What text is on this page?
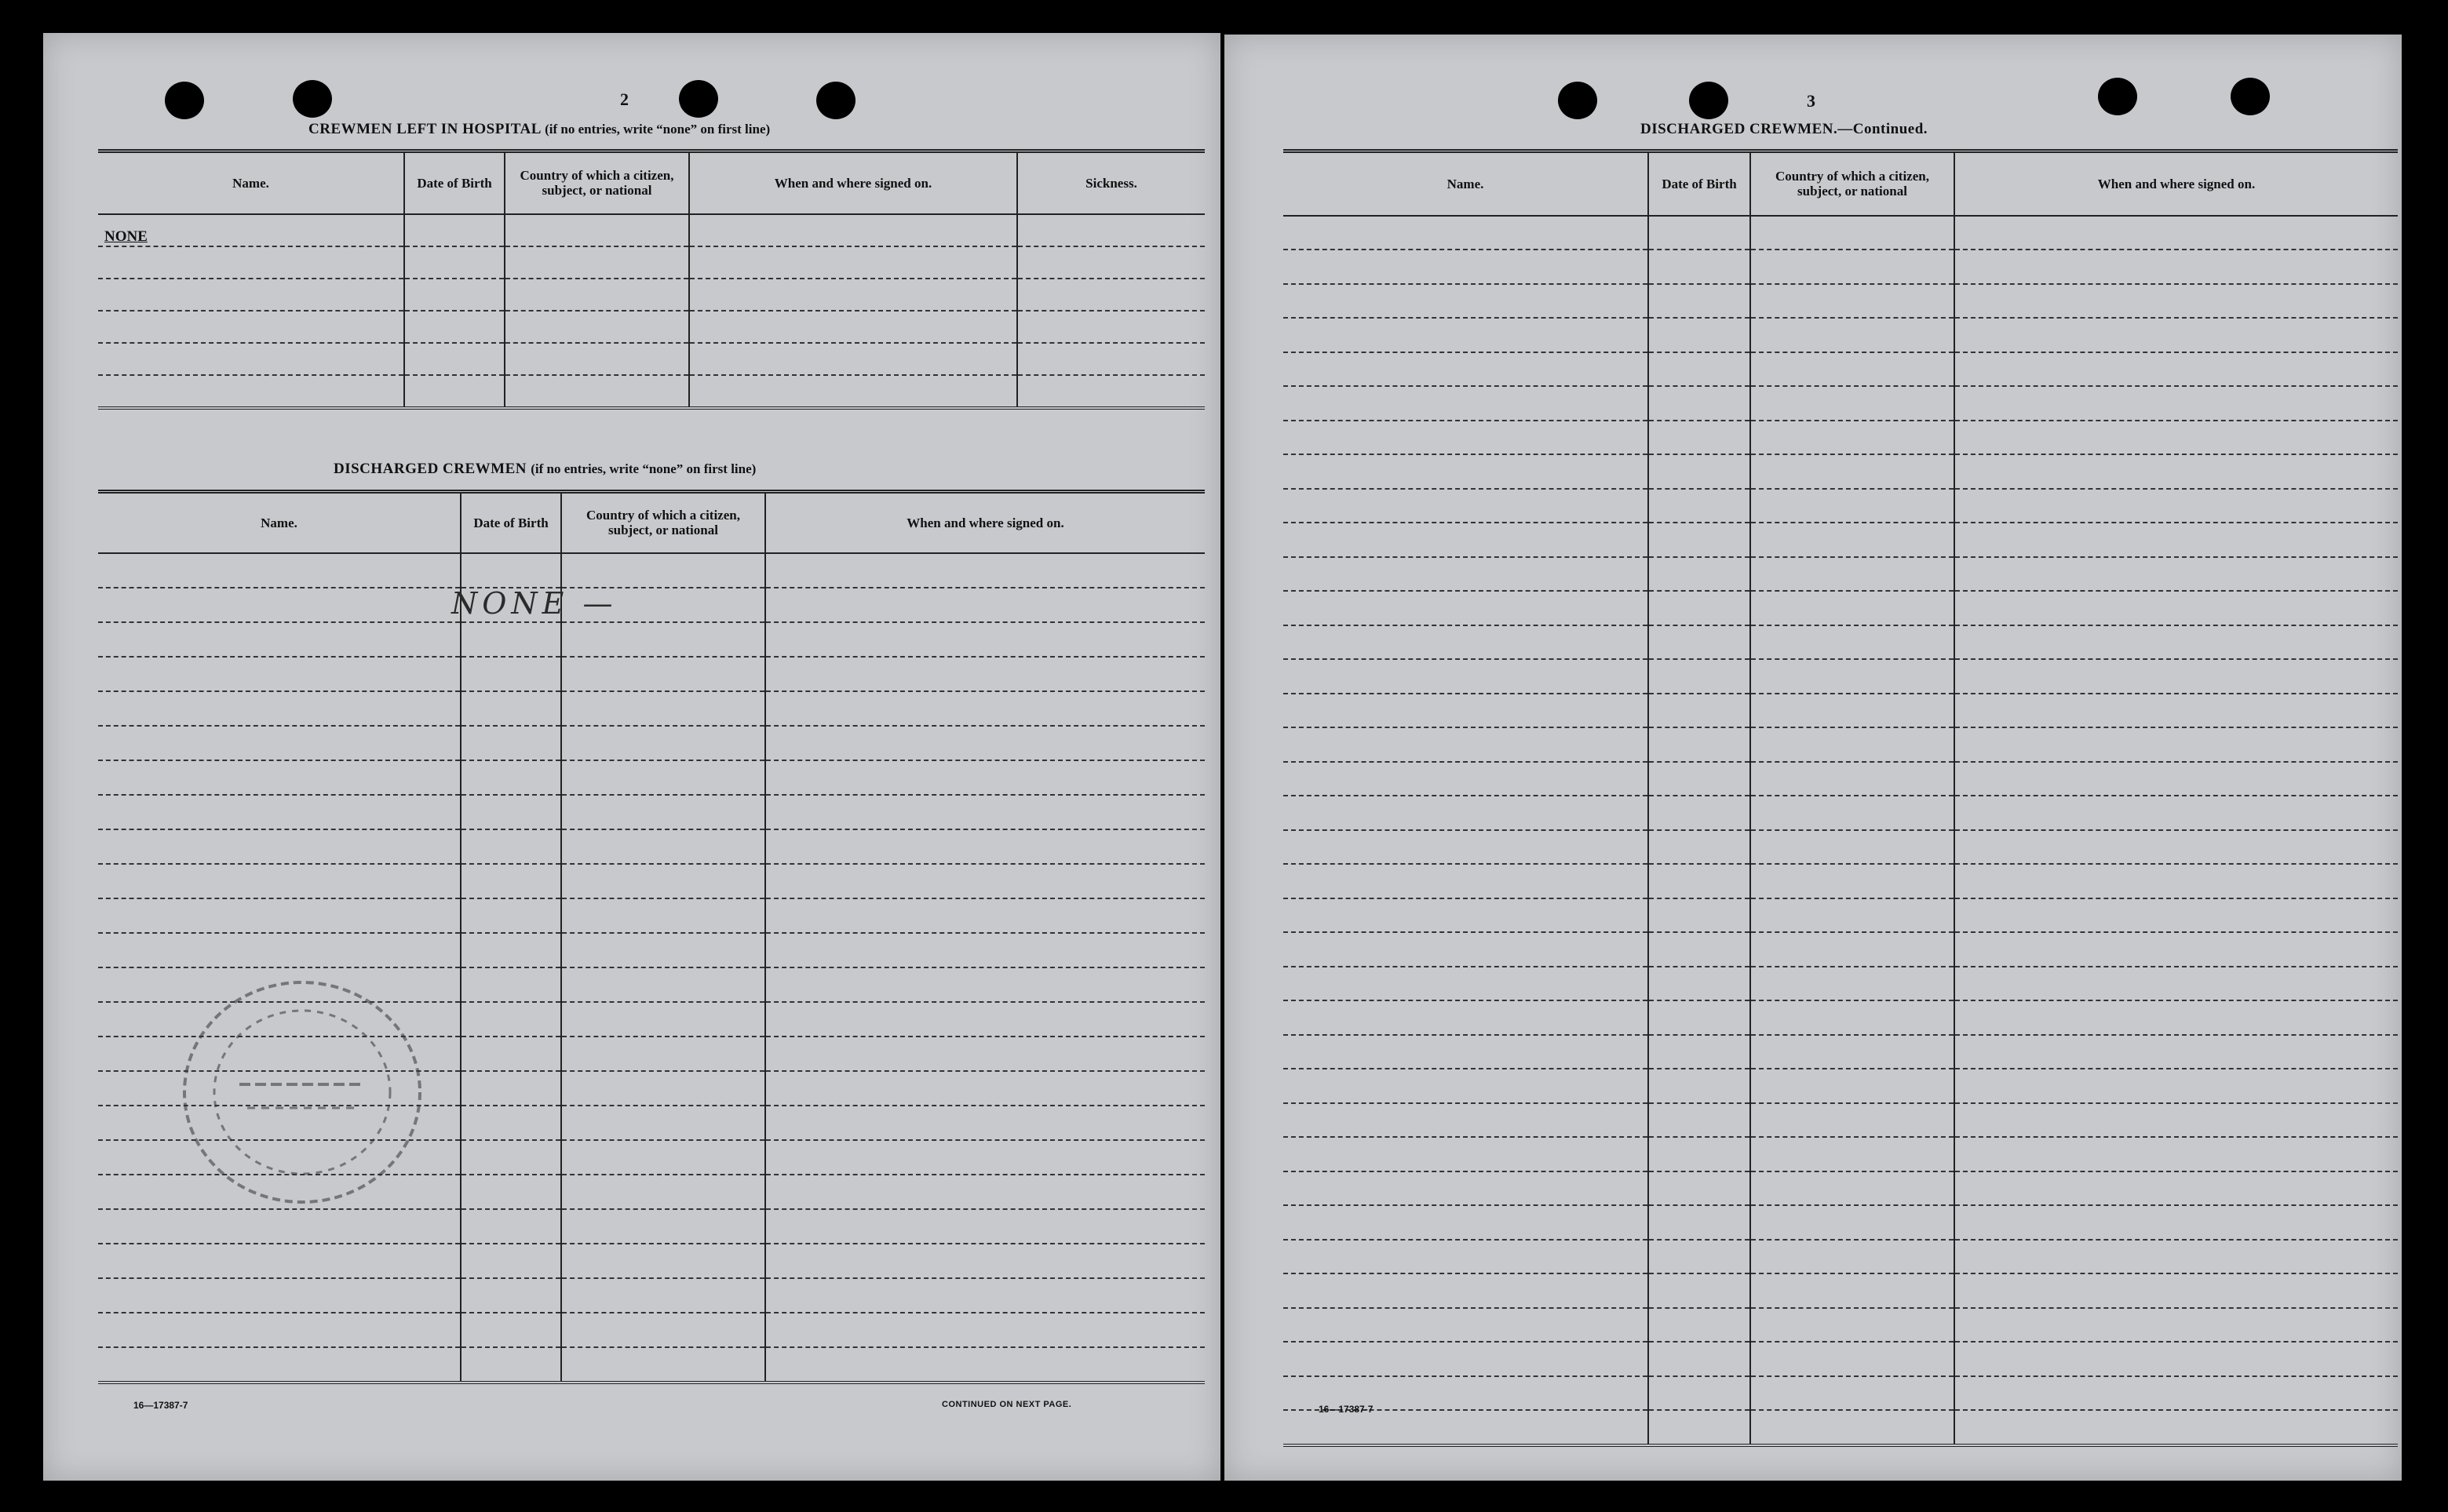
2
CREWMEN LEFT IN HOSPITAL (if no entries, write “none” on first line)
Name.	Date of Birth	Country of which a citizen, subject, or national	When and where signed on.	Sickness.
NONE				

DISCHARGED CREWMEN (if no entries, write “none” on first line)
Name.	Date of Birth	Country of which a citizen, subject, or national	When and where signed on.

NONE —
16—17387-7	CONTINUED ON NEXT PAGE.
3
DISCHARGED CREWMEN.—Continued.
Name.	Date of Birth	Country of which a citizen, subject, or national	When and where signed on.

16—17387-7
